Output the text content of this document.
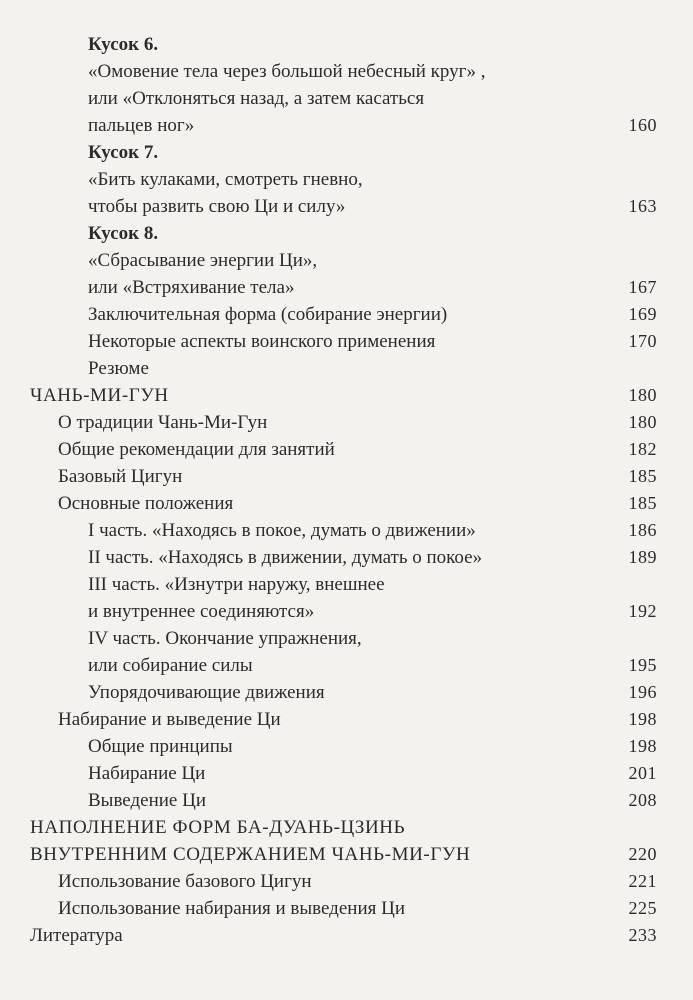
Кусок 6.
«Омовение тела через большой небесный круг» ,
или «Отклоняться назад, а затем касаться
пальцев ног»	160
Кусок 7.
«Бить кулаками, смотреть гневно,
чтобы развить свою Ци и силу»	163
Кусок 8.
«Сбрасывание энергии Ци»,
или «Встряхивание тела»	167
Заключительная форма (собирание энергии)	169
Некоторые аспекты воинского применения	170
Резюме
ЧАНЬ-МИ-ГУН	180
О традиции Чань-Ми-Гун	180
Общие рекомендации для занятий	182
Базовый Цигун	185
Основные положения	185
I часть. «Находясь в покое, думать о движении»	186
II часть. «Находясь в движении, думать о покое»	189
III часть. «Изнутри наружу, внешнее
и внутреннее соединяются»	192
IV часть. Окончание упражнения,
или собирание силы	195
Упорядочивающие движения	196
Набирание и выведение Ци	198
Общие принципы	198
Набирание Ци	201
Выведение Ци	208
НАПОЛНЕНИЕ ФОРМ БА-ДУАНЬ-ЦЗИНЬ
ВНУТРЕННИМ СОДЕРЖАНИЕМ ЧАНЬ-МИ-ГУН	220
Использование базового Цигун	221
Использование набирания и выведения Ци	225
Литература	233
